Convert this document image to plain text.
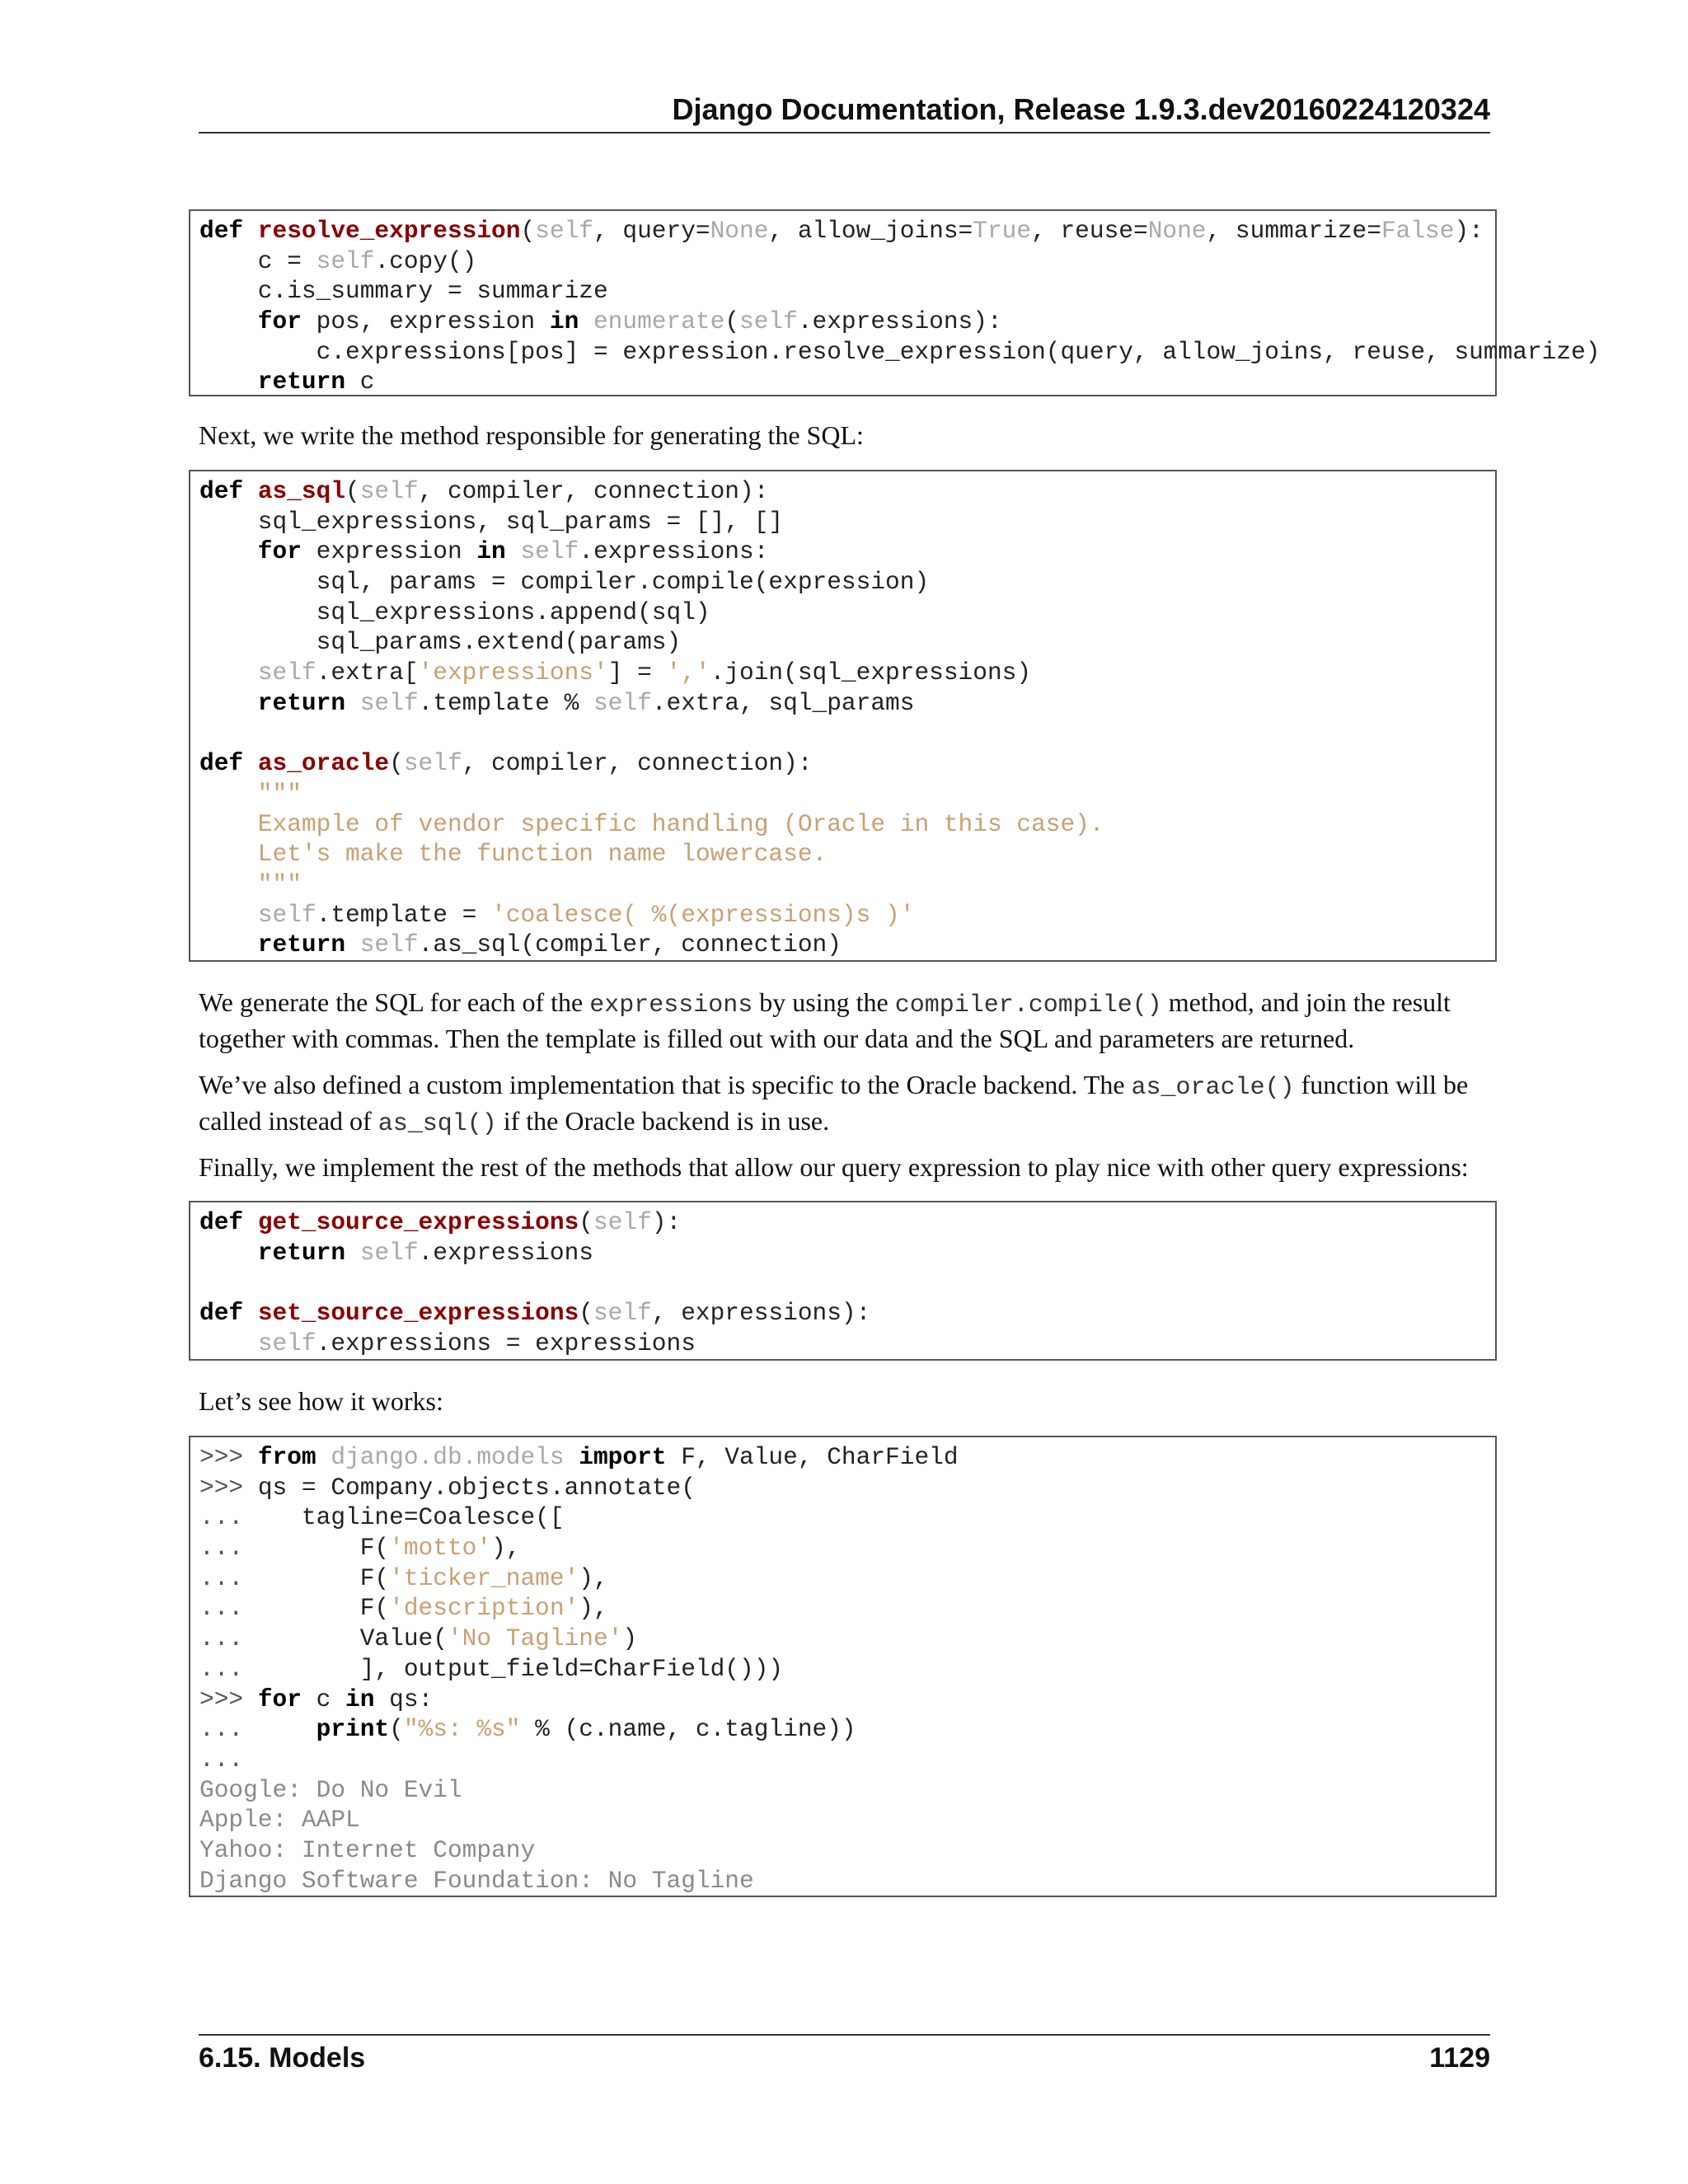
Django Documentation, Release 1.9.3.dev20160224120324
def resolve_expression(self, query=None, allow_joins=True, reuse=None, summarize=False):
c = self.copy()
c.is_summary = summarize
for pos, expression in enumerate(self.expressions):
c.expressions[pos] = expression.resolve_expression(query, allow_joins, reuse, summarize)
return c
Next, we write the method responsible for generating the SQL:
def as_sql(self, compiler, connection):
sql_expressions, sql_params = [], []
for expression in self.expressions:
sql, params = compiler.compile(expression)
sql_expressions.append(sql)
sql_params.extend(params)
self.extra['expressions'] = ','.join(sql_expressions)
return self.template % self.extra, sql_params
def as_oracle(self, compiler, connection):
"""
Example of vendor specific handling (Oracle in this case).
Let's make the function name lowercase.
"""
self.template = 'coalesce( %(expressions)s )'
return self.as_sql(compiler, connection)
We generate the SQL for each of the expressions by using the compiler.compile() method, and join the result together with commas. Then the template is filled out with our data and the SQL and parameters are returned.
We’ve also defined a custom implementation that is specific to the Oracle backend. The as_oracle() function will be called instead of as_sql() if the Oracle backend is in use.
Finally, we implement the rest of the methods that allow our query expression to play nice with other query expressions:
def get_source_expressions(self):
return self.expressions
def set_source_expressions(self, expressions):
self.expressions = expressions
Let’s see how it works:
>>> from django.db.models import F, Value, CharField
>>> qs = Company.objects.annotate(
...    tagline=Coalesce([
...        F('motto'),
...        F('ticker_name'),
...        F('description'),
...        Value('No Tagline')
...        ], output_field=CharField()))
>>> for c in qs:
...     print("%s: %s" % (c.name, c.tagline))
...
Google: Do No Evil
Apple: AAPL
Yahoo: Internet Company
Django Software Foundation: No Tagline
6.15. Models	1129
